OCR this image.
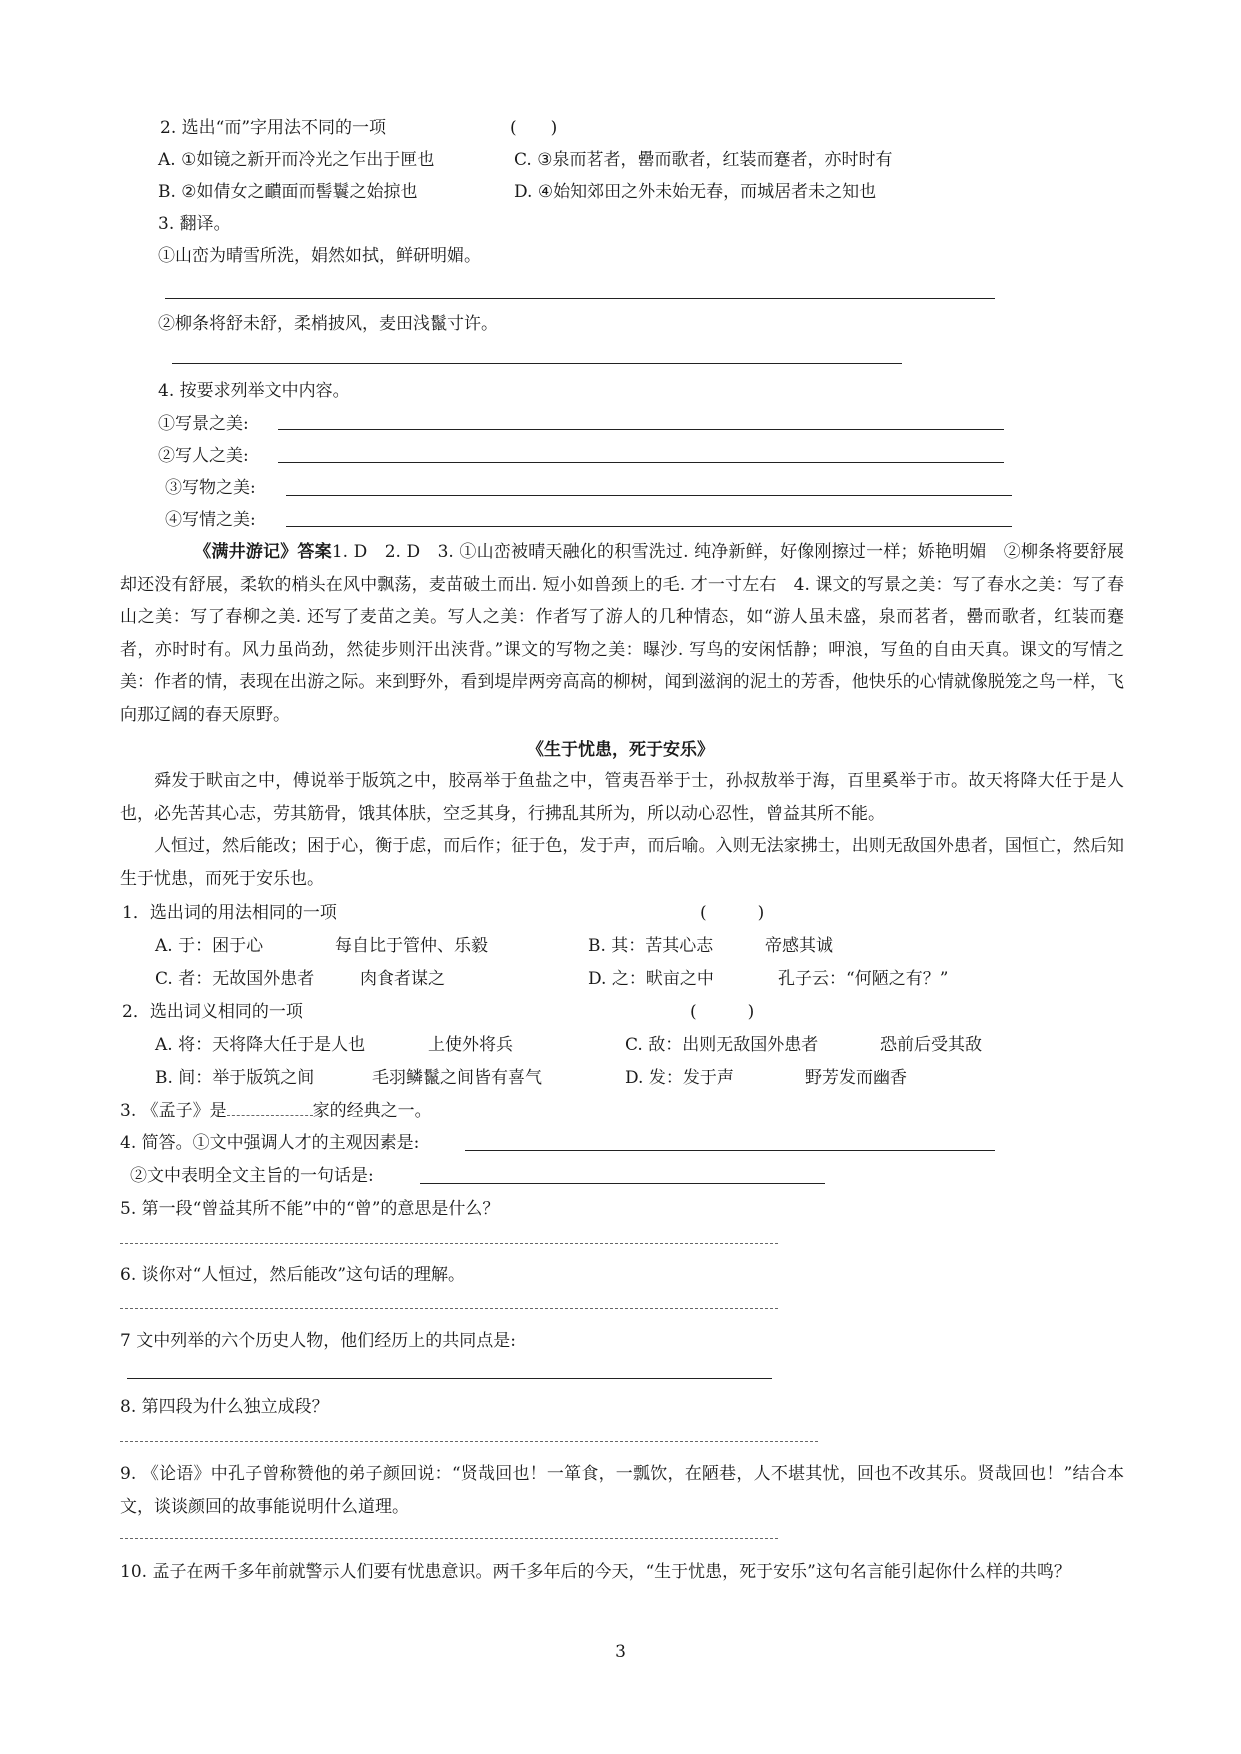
2. 选出“而”字用法不同的一项	(　　)
A. ①如镜之新开而冷光之乍出于匣也	C. ③泉而茗者，罍而歌者，红装而蹇者，亦时时有
B. ②如倩女之靧面而髻鬟之始掠也	D. ④始知郊田之外未始无春，而城居者未之知也
3. 翻译。
①山峦为晴雪所洗，娟然如拭，鲜研明媚。
②柳条将舒未舒，柔梢披风，麦田浅鬣寸许。
4. 按要求列举文中内容。
①写景之美:
②写人之美:
③写物之美:
④写情之美:
《满井游记》答案1. D　2. D　3. ①山峦被晴天融化的积雪洗过. 纯净新鲜，好像刚擦过一样；娇艳明媚　②柳条将要舒展却还没有舒展，柔软的梢头在风中飘荡，麦苗破土而出. 短小如兽颈上的毛. 才一寸左右　4. 课文的写景之美：写了春水之美：写了春山之美：写了春柳之美. 还写了麦苗之美。写人之美：作者写了游人的几种情态，如“游人虽未盛，泉而茗者，罍而歌者，红装而蹇者，亦时时有。风力虽尚劲，然徒步则汗出浃背。”课文的写物之美：曝沙. 写鸟的安闲恬静；呷浪，写鱼的自由天真。课文的写情之美：作者的情，表现在出游之际。来到野外，看到堤岸两旁高高的柳树，闻到滋润的泥土的芳香，他快乐的心情就像脱笼之鸟一样，飞向那辽阔的春天原野。
《生于忧患，死于安乐》
舜发于畎亩之中，傅说举于版筑之中，胶鬲举于鱼盐之中，管夷吾举于士，孙叔敖举于海，百里奚举于市。故天将降大任于是人也，必先苦其心志，劳其筋骨，饿其体肤，空乏其身，行拂乱其所为，所以动心忍性，曾益其所不能。
人恒过，然后能改；困于心，衡于虑，而后作；征于色，发于声，而后喻。入则无法家拂士，出则无敌国外患者，国恒亡，然后知生于忧患，而死于安乐也。
1．选出词的用法相同的一项	(　　　)
A. 于：困于心	每自比于管仲、乐毅	B. 其：苦其心志	帝感其诚
C. 者：无故国外患者	肉食者谋之	D. 之：畎亩之中	孔子云：“何陋之有？”
2．选出词义相同的一项	(　　　)
A. 将：天将降大任于是人也	上使外将兵	C. 敌：出则无敌国外患者	恐前后受其敌
B. 间：举于版筑之间	毛羽鳞鬣之间皆有喜气	D. 发：发于声	野芳发而幽香
3. 《孟子》是	家的经典之一。
4. 简答。①文中强调人才的主观因素是:
②文中表明全文主旨的一句话是:
5. 第一段“曾益其所不能”中的“曾”的意思是什么？
6. 谈你对“人恒过，然后能改”这句话的理解。
7 文中列举的六个历史人物，他们经历上的共同点是:
8. 第四段为什么独立成段？
9. 《论语》中孔子曾称赞他的弟子颜回说：“贤哉回也！一箪食，一瓢饮，在陋巷，人不堪其忧，回也不改其乐。贤哉回也！”结合本文，谈谈颜回的故事能说明什么道理。
10. 孟子在两千多年前就警示人们要有忧患意识。两千多年后的今天，“生于忧患，死于安乐”这句名言能引起你什么样的共鸣？
3
